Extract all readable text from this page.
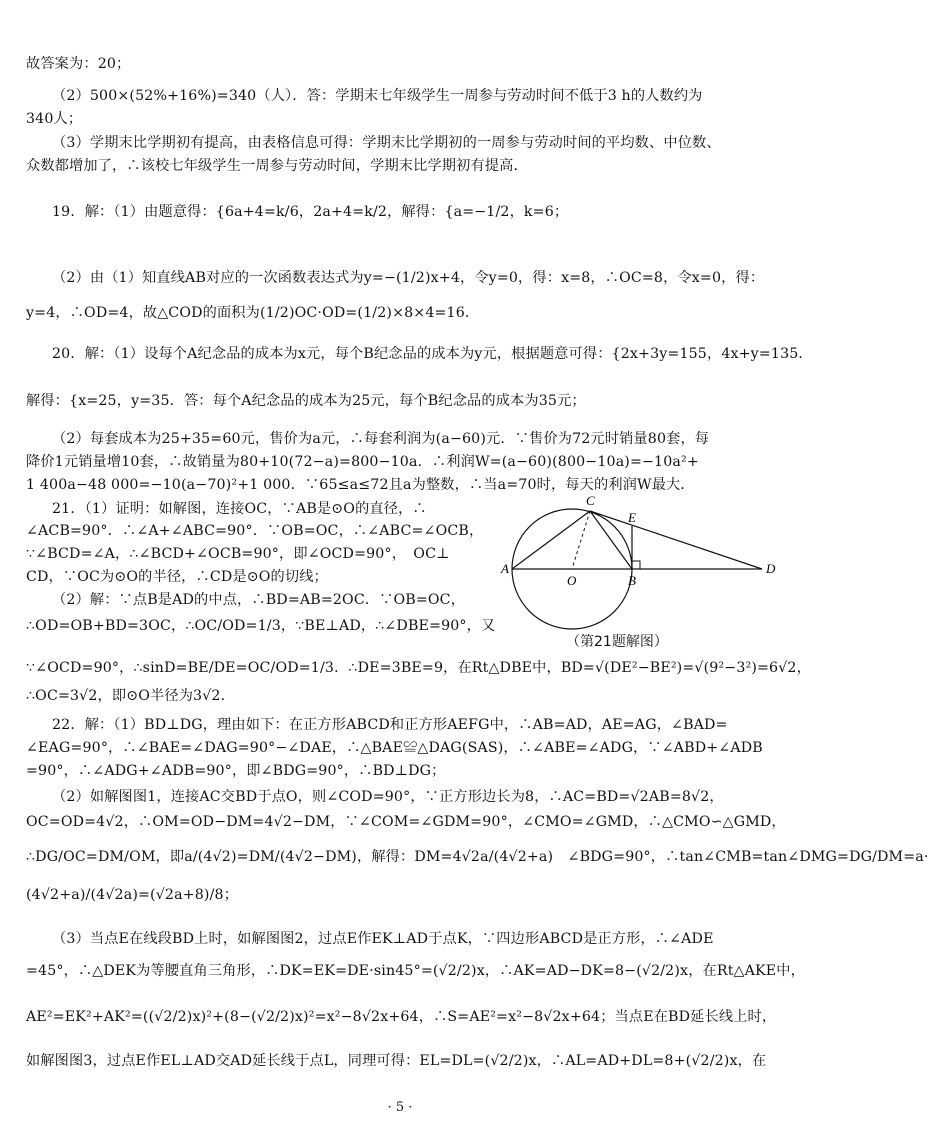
故答案为：20；
（2）500×(52%+16%)=340（人）．答：学期末七年级学生一周参与劳动时间不低于3 h的人数约为
340人；
（3）学期末比学期初有提高，由表格信息可得：学期末比学期初的一周参与劳动时间的平均数、中位数、
众数都增加了，∴该校七年级学生一周参与劳动时间，学期末比学期初有提高．
19．解：（1）由题意得：{6a+4=k/6，2a+4=k/2，解得：{a=−1/2，k=6；
（2）由（1）知直线AB对应的一次函数表达式为y=−(1/2)x+4，令y=0，得：x=8，∴OC=8，令x=0，得：
y=4，∴OD=4，故△COD的面积为(1/2)OC·OD=(1/2)×8×4=16．
20．解：（1）设每个A纪念品的成本为x元，每个B纪念品的成本为y元，根据题意可得：{2x+3y=155，4x+y=135．
解得：{x=25，y=35．答：每个A纪念品的成本为25元，每个B纪念品的成本为35元；
（2）每套成本为25+35=60元，售价为a元，∴每套利润为(a−60)元．∵售价为72元时销量80套，每
降价1元销量增10套，∴故销量为80+10(72−a)=800−10a．∴利润W=(a−60)(800−10a)=−10a²+
1 400a−48 000=−10(a−70)²+1 000．∵65≤a≤72且a为整数，∴当a=70时，每天的利润W最大．
21．（1）证明：如解图，连接OC，∵AB是⊙O的直径，∴
∠ACB=90°．∴∠A+∠ABC=90°．∵OB=OC，∴∠ABC=∠OCB，
∵∠BCD=∠A，∴∠BCD+∠OCB=90°，即∠OCD=90°，　OC⊥
CD，∵OC为⊙O的半径，∴CD是⊙O的切线；
（2）解：∵点B是AD的中点，∴BD=AB=2OC．∵OB=OC，
∴OD=OB+BD=3OC，∴OC/OD=1/3，∵BE⊥AD，∴∠DBE=90°，又
∵∠OCD=90°，∴sinD=BE/DE=OC/OD=1/3．∴DE=3BE=9，在Rt△DBE中，BD=√(DE²−BE²)=√(9²−3²)=6√2，
∴OC=3√2，即⊙O半径为3√2．
22．解：（1）BD⊥DG，理由如下：在正方形ABCD和正方形AEFG中，∴AB=AD，AE=AG，∠BAD=
∠EAG=90°，∴∠BAE=∠DAG=90°−∠DAE，∴△BAE≌△DAG(SAS)，∴∠ABE=∠ADG，∵∠ABD+∠ADB
=90°，∴∠ADG+∠ADB=90°，即∠BDG=90°，∴BD⊥DG；
（2）如解图图1，连接AC交BD于点O，则∠COD=90°，∵正方形边长为8，∴AC=BD=√2AB=8√2，
OC=OD=4√2，∴OM=OD−DM=4√2−DM，∵∠COM=∠GDM=90°，∠CMO=∠GMD，∴△CMO∽△GMD，
∴DG/OC=DM/OM，即a/(4√2)=DM/(4√2−DM)，解得：DM=4√2a/(4√2+a)　∠BDG=90°，∴tan∠CMB=tan∠DMG=DG/DM=a·
(4√2+a)/(4√2a)=(√2a+8)/8；
（3）当点E在线段BD上时，如解图图2，过点E作EK⊥AD于点K，∵四边形ABCD是正方形，∴∠ADE
=45°，∴△DEK为等腰直角三角形，∴DK=EK=DE·sin45°=(√2/2)x，∴AK=AD−DK=8−(√2/2)x，在Rt△AKE中，
AE²=EK²+AK²=((√2/2)x)²+(8−(√2/2)x)²=x²−8√2x+64，∴S=AE²=x²−8√2x+64；当点E在BD延长线上时，
如解图图3，过点E作EL⊥AD交AD延长线于点L，同理可得：EL=DL=(√2/2)x，∴AL=AD+DL=8+(√2/2)x，在
C
E
A
O	B
D
（第21题解图）
· 5 ·
